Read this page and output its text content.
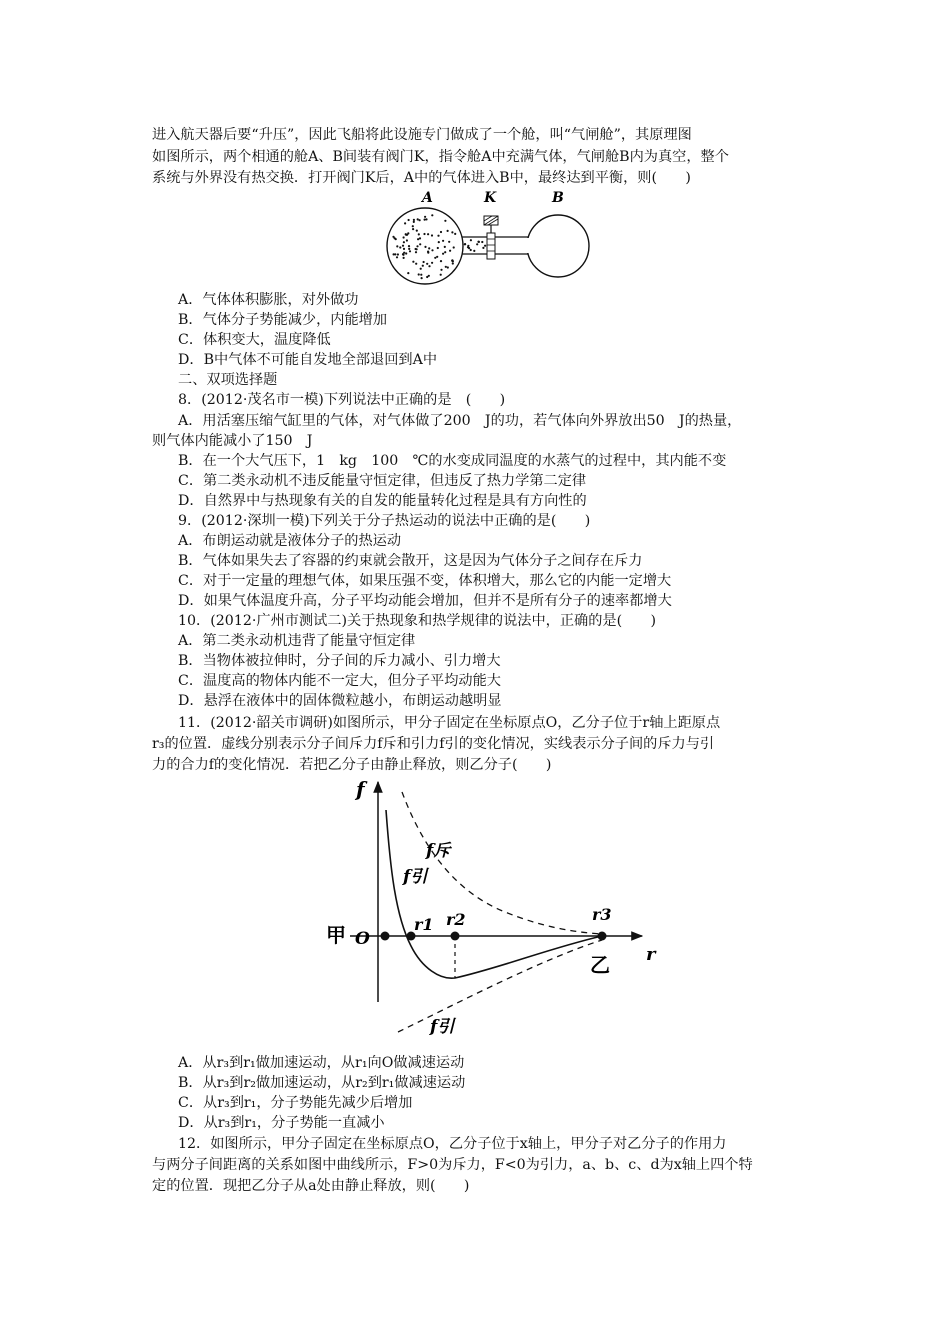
进入航天器后要“升压”，因此飞船将此设施专门做成了一个舱，叫“气闸舱”，其原理图
如图所示，两个相通的舱A、B间装有阀门K，指令舱A中充满气体，气闸舱B内为真空，整个
系统与外界没有热交换．打开阀门K后，A中的气体进入B中，最终达到平衡，则(　　)
A	K	B
A．气体体积膨胀，对外做功
B．气体分子势能减少，内能增加
C．体积变大，温度降低
D．B中气体不可能自发地全部退回到A中
二、双项选择题
8．(2012·茂名市一模)下列说法中正确的是　(　　)
A．用活塞压缩气缸里的气体，对气体做了200　J的功，若气体向外界放出50　J的热量，
则气体内能减小了150　J
B．在一个大气压下，1　kg　100　℃的水变成同温度的水蒸气的过程中，其内能不变
C．第二类永动机不违反能量守恒定律，但违反了热力学第二定律
D．自然界中与热现象有关的自发的能量转化过程是具有方向性的
9．(2012·深圳一模)下列关于分子热运动的说法中正确的是(　　)
A．布朗运动就是液体分子的热运动
B．气体如果失去了容器的约束就会散开，这是因为气体分子之间存在斥力
C．对于一定量的理想气体，如果压强不变，体积增大，那么它的内能一定增大
D．如果气体温度升高，分子平均动能会增加，但并不是所有分子的速率都增大
10．(2012·广州市测试二)关于热现象和热学规律的说法中，正确的是(　　)
A．第二类永动机违背了能量守恒定律
B．当物体被拉伸时，分子间的斥力减小、引力增大
C．温度高的物体内能不一定大，但分子平均动能大
D．悬浮在液体中的固体微粒越小，布朗运动越明显
11．(2012·韶关市调研)如图所示，甲分子固定在坐标原点O，乙分子位于r轴上距原点
r₃的位置．虚线分别表示分子间斥力f斥和引力f引的变化情况，实线表示分子间的斥力与引
力的合力f的变化情况．若把乙分子由静止释放，则乙分子(　　)
f
r
甲 O
r1 r2	r3
乙
f斥
f引
f引
A．从r₃到r₁做加速运动，从r₁向O做减速运动
B．从r₃到r₂做加速运动，从r₂到r₁做减速运动
C．从r₃到r₁，分子势能先减少后增加
D．从r₃到r₁，分子势能一直减小
12．如图所示，甲分子固定在坐标原点O，乙分子位于x轴上，甲分子对乙分子的作用力
与两分子间距离的关系如图中曲线所示，F>0为斥力，F<0为引力，a、b、c、d为x轴上四个特
定的位置．现把乙分子从a处由静止释放，则(　　)
